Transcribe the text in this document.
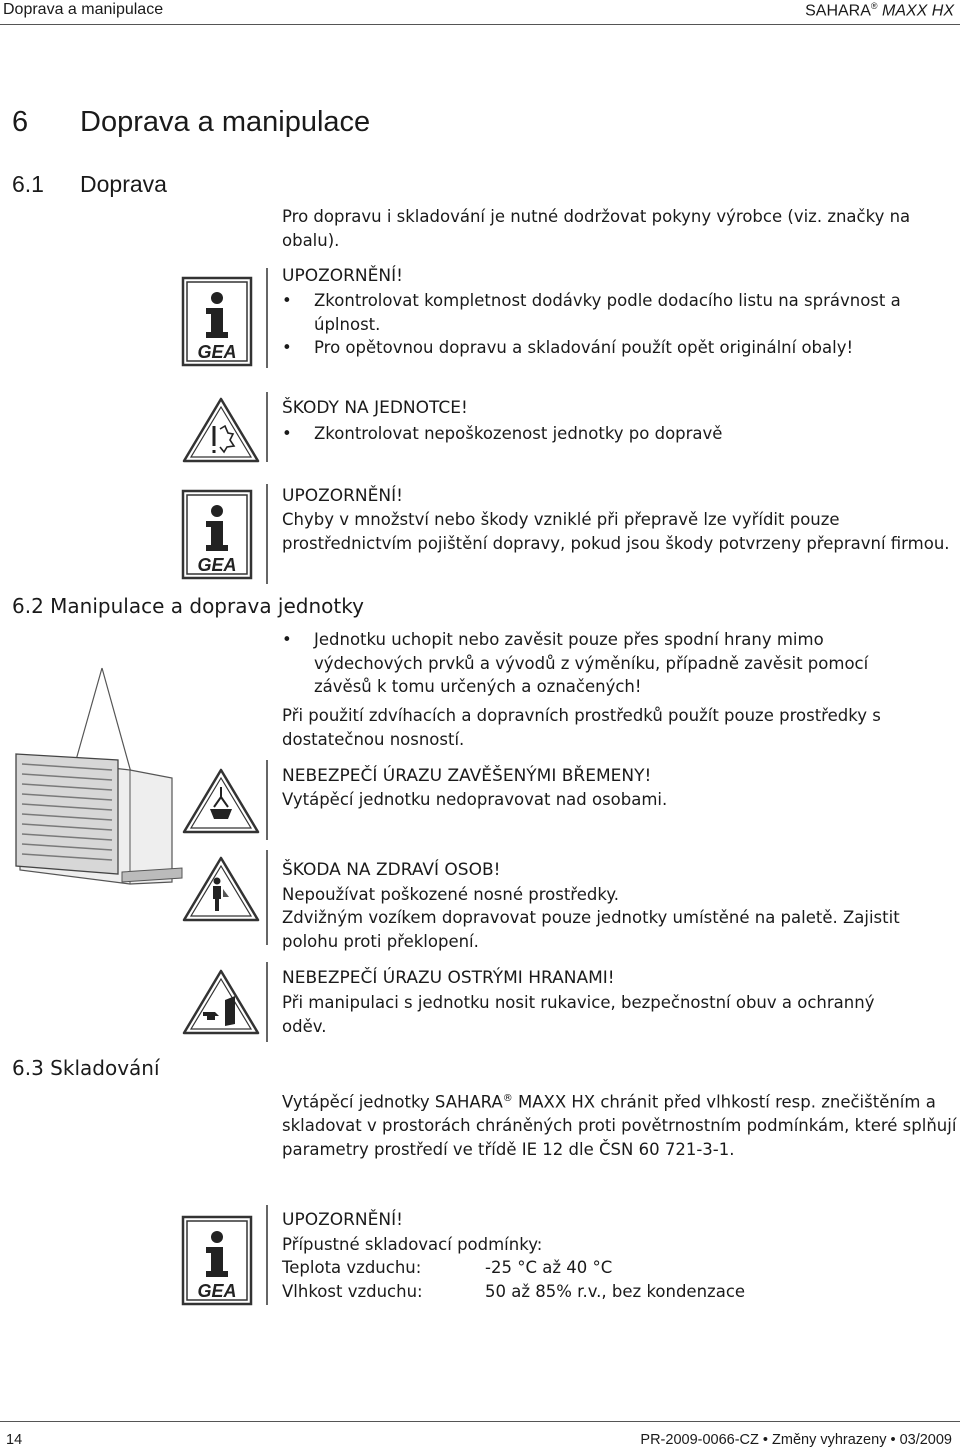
Doprava a manipulace	SAHARA® MAXX HX
6 Doprava a manipulace
6.1 Doprava
Pro dopravu i skladování je nutné dodržovat pokyny výrobce (viz. značky na obalu).
GEA
UPOZORNĚNÍ!
• Zkontrolovat kompletnost dodávky podle dodacího listu na správnost a úplnost.
• Pro opětovnou dopravu a skladování použít opět originální obaly!
ŠKODY NA JEDNOTCE!
• Zkontrolovat nepoškozenost jednotky po dopravě
GEA
UPOZORNĚNÍ!
Chyby v množství nebo škody vzniklé při přepravě lze vyřídit pouze prostřednictvím pojištění dopravy, pokud jsou škody potvrzeny přepravní firmou.
6.2 Manipulace a doprava jednotky
• Jednotku uchopit nebo zavěsit pouze přes spodní hrany mimo výdechových prvků a vývodů z výměníku, případně zavěsit pomocí závěsů k tomu určených a označených!
Při použití zdvíhacích a dopravních prostředků použít pouze prostředky s dostatečnou nosností.
NEBEZPEČÍ ÚRAZU ZAVĚŠENÝMI BŘEMENY!
Vytápěcí jednotku nedopravovat nad osobami.
ŠKODA NA ZDRAVÍ OSOB!
Nepoužívat poškozené nosné prostředky.
Zdvižným vozíkem dopravovat pouze jednotky umístěné na paletě. Zajistit polohu proti překlopení.
NEBEZPEČÍ ÚRAZU OSTRÝMI HRANAMI!
Při manipulaci s jednotku nosit rukavice, bezpečnostní obuv a ochranný oděv.
6.3 Skladování
Vytápěcí jednotky SAHARA® MAXX HX chránit před vlhkostí resp. znečištěním a skladovat v prostorách chráněných proti povětrnostním podmínkám, které splňují parametry prostředí ve třídě IE 12 dle ČSN 60 721-3-1.
GEA
UPOZORNĚNÍ!
Přípustné skladovací podmínky:
Teplota vzduchu:	-25 °C až 40 °C
Vlhkost vzduchu:	50 až 85% r.v., bez kondenzace
14	PR-2009-0066-CZ • Změny vyhrazeny • 03/2009
